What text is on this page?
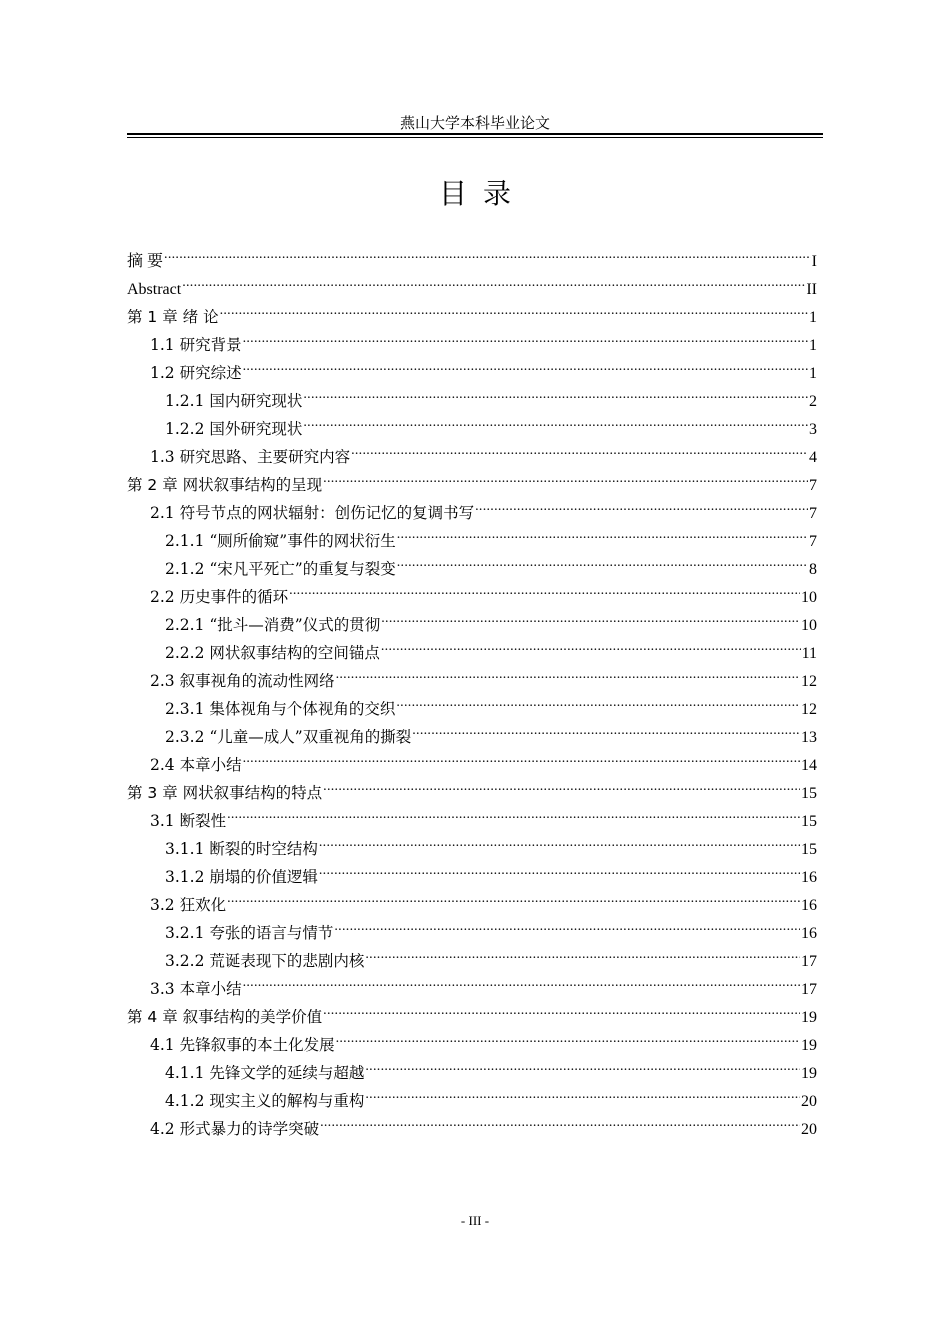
燕山大学本科毕业论文
目录
摘 要 .....	I
Abstract .....	II
第 1 章 绪 论 .....	1
1.1 研究背景 .....	1
1.2 研究综述 .....	1
1.2.1 国内研究现状 .....	2
1.2.2 国外研究现状 .....	3
1.3 研究思路、主要研究内容 .....	4
第 2 章 网状叙事结构的呈现 .....	7
2.1 符号节点的网状辐射：创伤记忆的复调书写 .....	7
2.1.1 “厕所偷窥”事件的网状衍生 .....	7
2.1.2 “宋凡平死亡”的重复与裂变 .....	8
2.2 历史事件的循环 .....	10
2.2.1 “批斗—消费”仪式的贯彻 .....	10
2.2.2 网状叙事结构的空间锚点 .....	11
2.3 叙事视角的流动性网络 .....	12
2.3.1 集体视角与个体视角的交织 .....	12
2.3.2 “儿童—成人”双重视角的撕裂 .....	13
2.4 本章小结 .....	14
第 3 章 网状叙事结构的特点 .....	15
3.1 断裂性 .....	15
3.1.1 断裂的时空结构 .....	15
3.1.2 崩塌的价值逻辑 .....	16
3.2 狂欢化 .....	16
3.2.1 夸张的语言与情节 .....	16
3.2.2 荒诞表现下的悲剧内核 .....	17
3.3 本章小结 .....	17
第 4 章 叙事结构的美学价值 .....	19
4.1 先锋叙事的本土化发展 .....	19
4.1.1 先锋文学的延续与超越 .....	19
4.1.2 现实主义的解构与重构 .....	20
4.2 形式暴力的诗学突破 .....	20
- III -
